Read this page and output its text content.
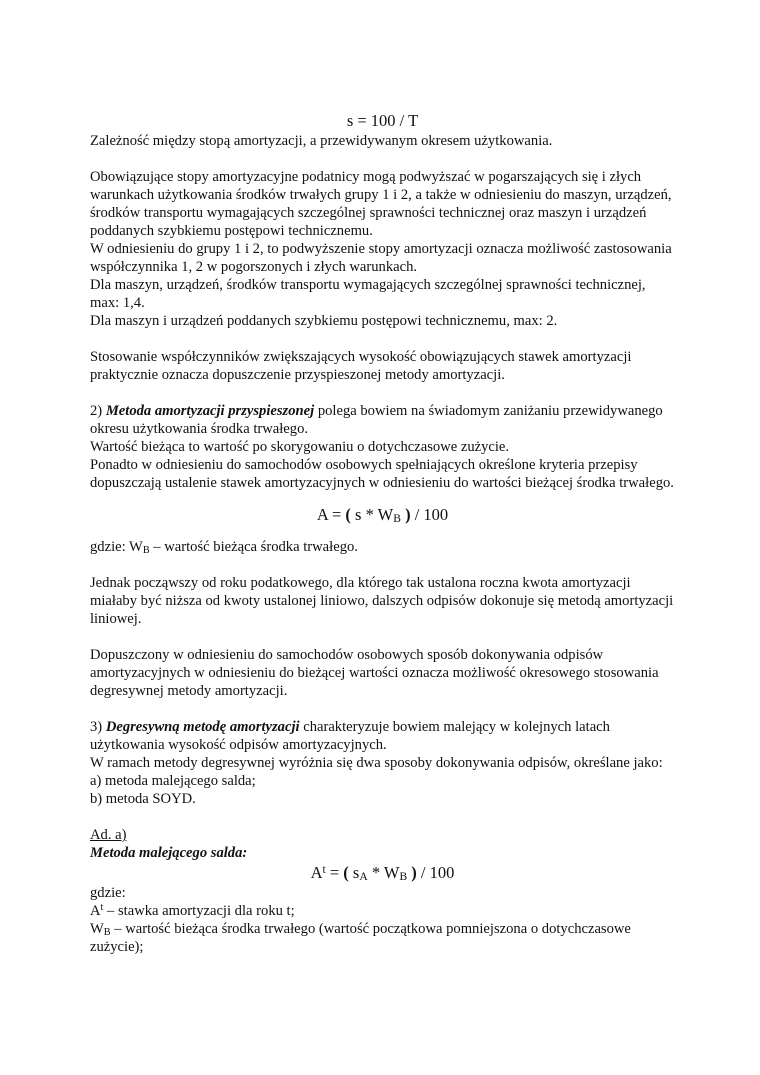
s = 100 / T

Zależność między stopą amortyzacji, a przewidywanym okresem użytkowania.

Obowiązujące stopy amortyzacyjne podatnicy mogą podwyższać w pogarszających się i złych warunkach użytkowania środków trwałych grupy 1 i 2, a także w odniesieniu do maszyn, urządzeń, środków transportu wymagających szczególnej sprawności technicznej oraz maszyn i urządzeń poddanych szybkiemu postępowi technicznemu.

W odniesieniu do grupy 1 i 2, to podwyższenie stopy amortyzacji oznacza możliwość zastosowania współczynnika 1, 2 w pogorszonych i złych warunkach.

Dla maszyn, urządzeń, środków transportu wymagających szczególnej sprawności technicznej, max: 1,4.

Dla maszyn i urządzeń poddanych szybkiemu postępowi technicznemu, max: 2.

Stosowanie współczynników zwiększających wysokość obowiązujących stawek amortyzacji praktycznie oznacza dopuszczenie przyspieszonej metody amortyzacji.

2) Metoda amortyzacji przyspieszonej polega bowiem na świadomym zaniżaniu przewidywanego okresu użytkowania środka trwałego.

Wartość bieżąca to wartość po skorygowaniu o dotychczasowe zużycie.

Ponadto w odniesieniu do samochodów osobowych spełniających określone kryteria przepisy dopuszczają ustalenie stawek amortyzacyjnych w odniesieniu do wartości bieżącej środka trwałego.

A = ( s * $W_B$ ) / 100

gdzie: $W_B$ – wartość bieżąca środka trwałego.

Jednak począwszy od roku podatkowego, dla którego tak ustalona roczna kwota amortyzacji miałaby być niższa od kwoty ustalonej liniowo, dalszych odpisów dokonuje się metodą amortyzacji liniowej.

Dopuszczony w odniesieniu do samochodów osobowych sposób dokonywania odpisów amortyzacyjnych w odniesieniu do bieżącej wartości oznacza możliwość okresowego stosowania degresywnej metody amortyzacji.

3) Degresywną metodę amortyzacji charakteryzuje bowiem malejący w kolejnych latach użytkowania wysokość odpisów amortyzacyjnych.

W ramach metody degresywnej wyróżnia się dwa sposoby dokonywania odpisów, określane jako:

a) metoda malejącego salda;

b) metoda SOYD.

Ad. a)

Metoda malejącego salda:

$A^t$ = ( $s_A * W_B$ ) / 100

gdzie:

$A^t$ – stawka amortyzacji dla roku t;

$W_B$ – wartość bieżąca środka trwałego (wartość początkowa pomniejszona o dotychczasowe zużycie);
